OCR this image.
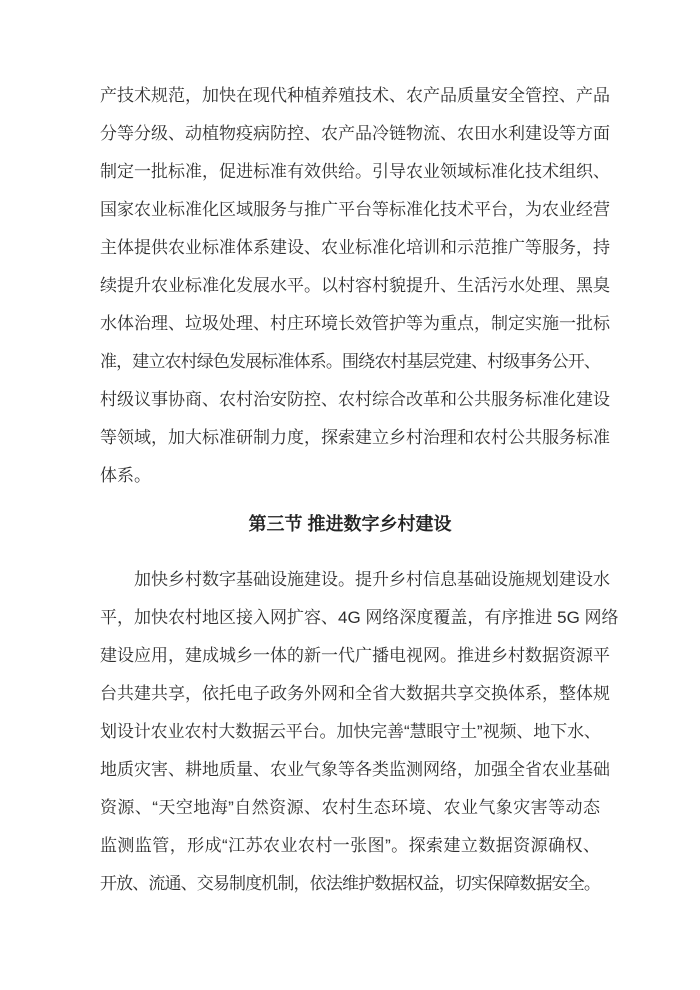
产技术规范，加快在现代种植养殖技术、农产品质量安全管控、产品
分等分级、动植物疫病防控、农产品冷链物流、农田水利建设等方面
制定一批标准，促进标准有效供给。引导农业领域标准化技术组织、
国家农业标准化区域服务与推广平台等标准化技术平台，为农业经营
主体提供农业标准体系建设、农业标准化培训和示范推广等服务，持
续提升农业标准化发展水平。以村容村貌提升、生活污水处理、黑臭
水体治理、垃圾处理、村庄环境长效管护等为重点，制定实施一批标
准，建立农村绿色发展标准体系。围绕农村基层党建、村级事务公开、
村级议事协商、农村治安防控、农村综合改革和公共服务标准化建设
等领域，加大标准研制力度，探索建立乡村治理和农村公共服务标准
体系。
第三节 推进数字乡村建设
加快乡村数字基础设施建设。提升乡村信息基础设施规划建设水
平，加快农村地区接入网扩容、4G 网络深度覆盖，有序推进 5G 网络
建设应用，建成城乡一体的新一代广播电视网。推进乡村数据资源平
台共建共享，依托电子政务外网和全省大数据共享交换体系，整体规
划设计农业农村大数据云平台。加快完善“慧眼守土”视频、地下水、
地质灾害、耕地质量、农业气象等各类监测网络，加强全省农业基础
资源、“天空地海”自然资源、农村生态环境、农业气象灾害等动态
监测监管，形成“江苏农业农村一张图”。探索建立数据资源确权、
开放、流通、交易制度机制，依法维护数据权益，切实保障数据安全。
